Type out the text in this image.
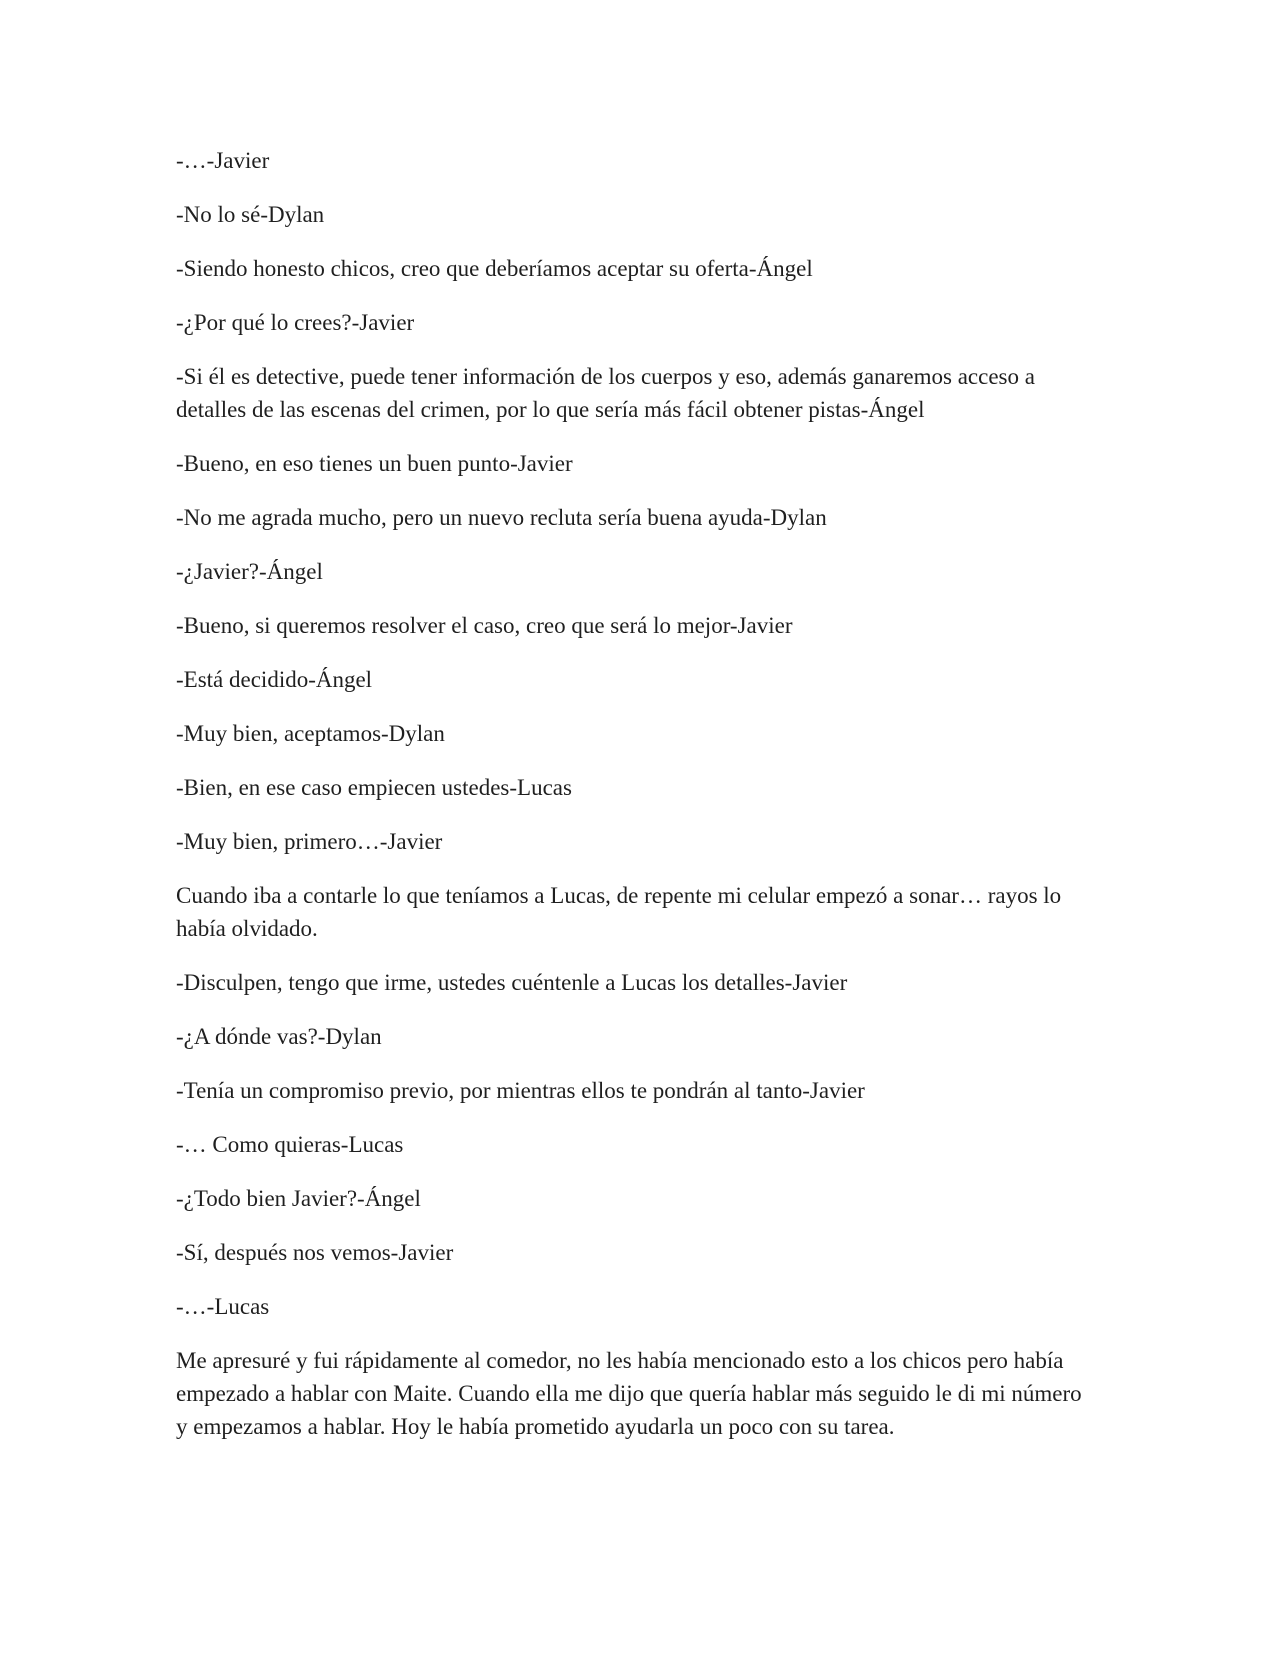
-…-Javier

-No lo sé-Dylan

-Siendo honesto chicos, creo que deberíamos aceptar su oferta-Ángel

-¿Por qué lo crees?-Javier

-Si él es detective, puede tener información de los cuerpos y eso, además ganaremos acceso a detalles de las escenas del crimen, por lo que sería más fácil obtener pistas-Ángel

-Bueno, en eso tienes un buen punto-Javier

-No me agrada mucho, pero un nuevo recluta sería buena ayuda-Dylan

-¿Javier?-Ángel

-Bueno, si queremos resolver el caso, creo que será lo mejor-Javier

-Está decidido-Ángel

-Muy bien, aceptamos-Dylan

-Bien, en ese caso empiecen ustedes-Lucas

-Muy bien, primero…-Javier

Cuando iba a contarle lo que teníamos a Lucas, de repente mi celular empezó a sonar… rayos lo había olvidado.

-Disculpen, tengo que irme, ustedes cuéntenle a Lucas los detalles-Javier

-¿A dónde vas?-Dylan

-Tenía un compromiso previo, por mientras ellos te pondrán al tanto-Javier

-… Como quieras-Lucas

-¿Todo bien Javier?-Ángel

-Sí, después nos vemos-Javier

-…-Lucas

Me apresuré y fui rápidamente al comedor, no les había mencionado esto a los chicos pero había empezado a hablar con Maite. Cuando ella me dijo que quería hablar más seguido le di mi número y empezamos a hablar. Hoy le había prometido ayudarla un poco con su tarea.
